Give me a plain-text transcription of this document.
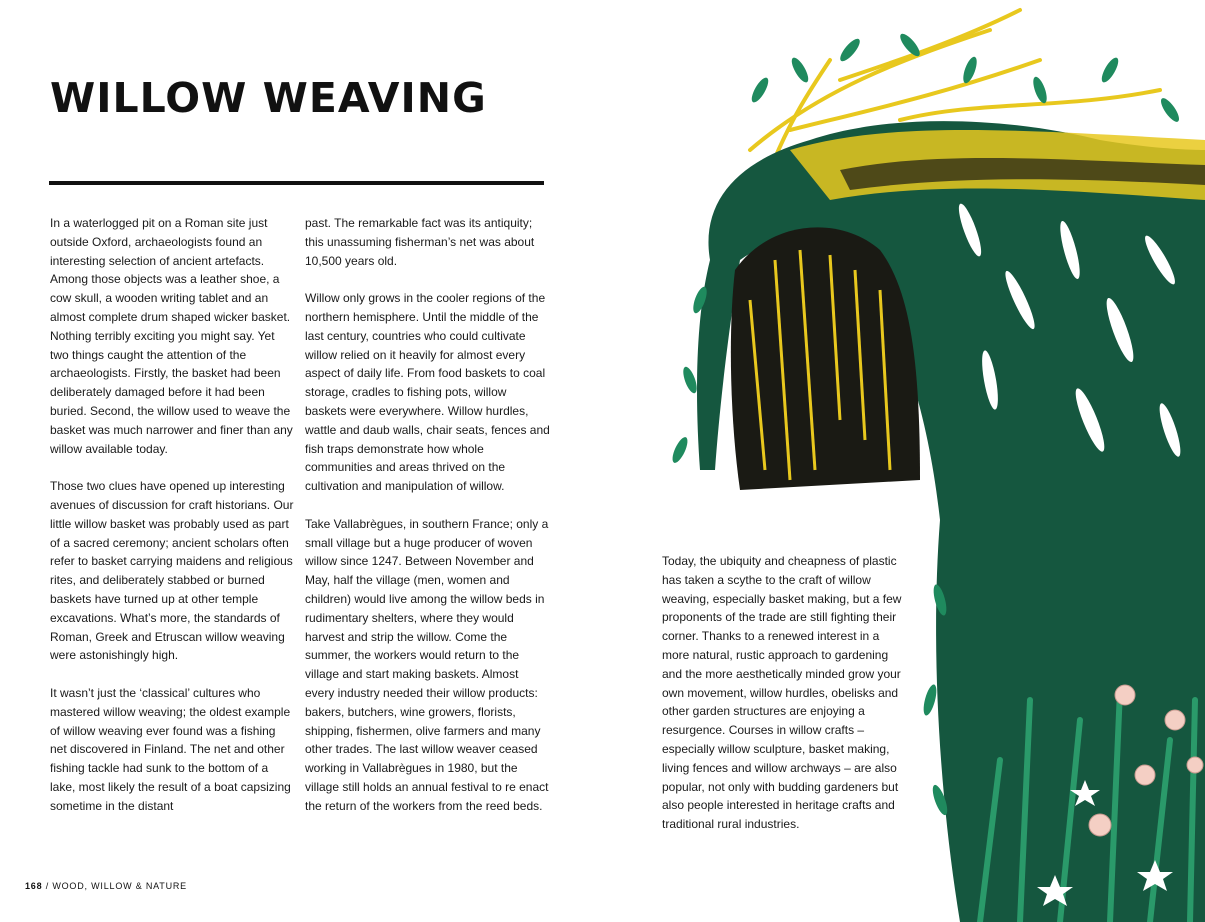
WILLOW WEAVING

In a waterlogged pit on a Roman site just outside Oxford, archaeologists found an interesting selection of ancient artefacts. Among those objects was a leather shoe, a cow skull, a wooden writing tablet and an almost complete drum shaped wicker basket. Nothing terribly exciting you might say. Yet two things caught the attention of the archaeologists. Firstly, the basket had been deliberately damaged before it had been buried. Second, the willow used to weave the basket was much narrower and finer than any willow available today.

Those two clues have opened up interesting avenues of discussion for craft historians. Our little willow basket was probably used as part of a sacred ceremony; ancient scholars often refer to basket carrying maidens and religious rites, and deliberately stabbed or burned baskets have turned up at other temple excavations. What’s more, the standards of Roman, Greek and Etruscan willow weaving were astonishingly high.

It wasn’t just the ‘classical’ cultures who mastered willow weaving; the oldest example of willow weaving ever found was a fishing net discovered in Finland. The net and other fishing tackle had sunk to the bottom of a lake, most likely the result of a boat capsizing sometime in the distant

past. The remarkable fact was its antiquity; this unassuming fisherman’s net was about 10,500 years old.

Willow only grows in the cooler regions of the northern hemisphere. Until the middle of the last century, countries who could cultivate willow relied on it heavily for almost every aspect of daily life. From food baskets to coal storage, cradles to fishing pots, willow baskets were everywhere. Willow hurdles, wattle and daub walls, chair seats, fences and fish traps demonstrate how whole communities and areas thrived on the cultivation and manipulation of willow.

Take Vallabrègues, in southern France; only a small village but a huge producer of woven willow since 1247. Between November and May, half the village (men, women and children) would live among the willow beds in rudimentary shelters, where they would harvest and strip the willow. Come the summer, the workers would return to the village and start making baskets. Almost every industry needed their willow products: bakers, butchers, wine growers, florists, shipping, fishermen, olive farmers and many other trades. The last willow weaver ceased working in Vallabrègues in 1980, but the village still holds an annual festival to re enact the return of the workers from the reed beds.

Today, the ubiquity and cheapness of plastic has taken a scythe to the craft of willow weaving, especially basket making, but a few proponents of the trade are still fighting their corner. Thanks to a renewed interest in a more natural, rustic approach to gardening and the more aesthetically minded grow your own movement, willow hurdles, obelisks and other garden structures are enjoying a resurgence. Courses in willow crafts – especially willow sculpture, basket making, living fences and willow archways – are also popular, not only with budding gardeners but also people interested in heritage crafts and traditional rural industries.

168 / WOOD, WILLOW & NATURE
